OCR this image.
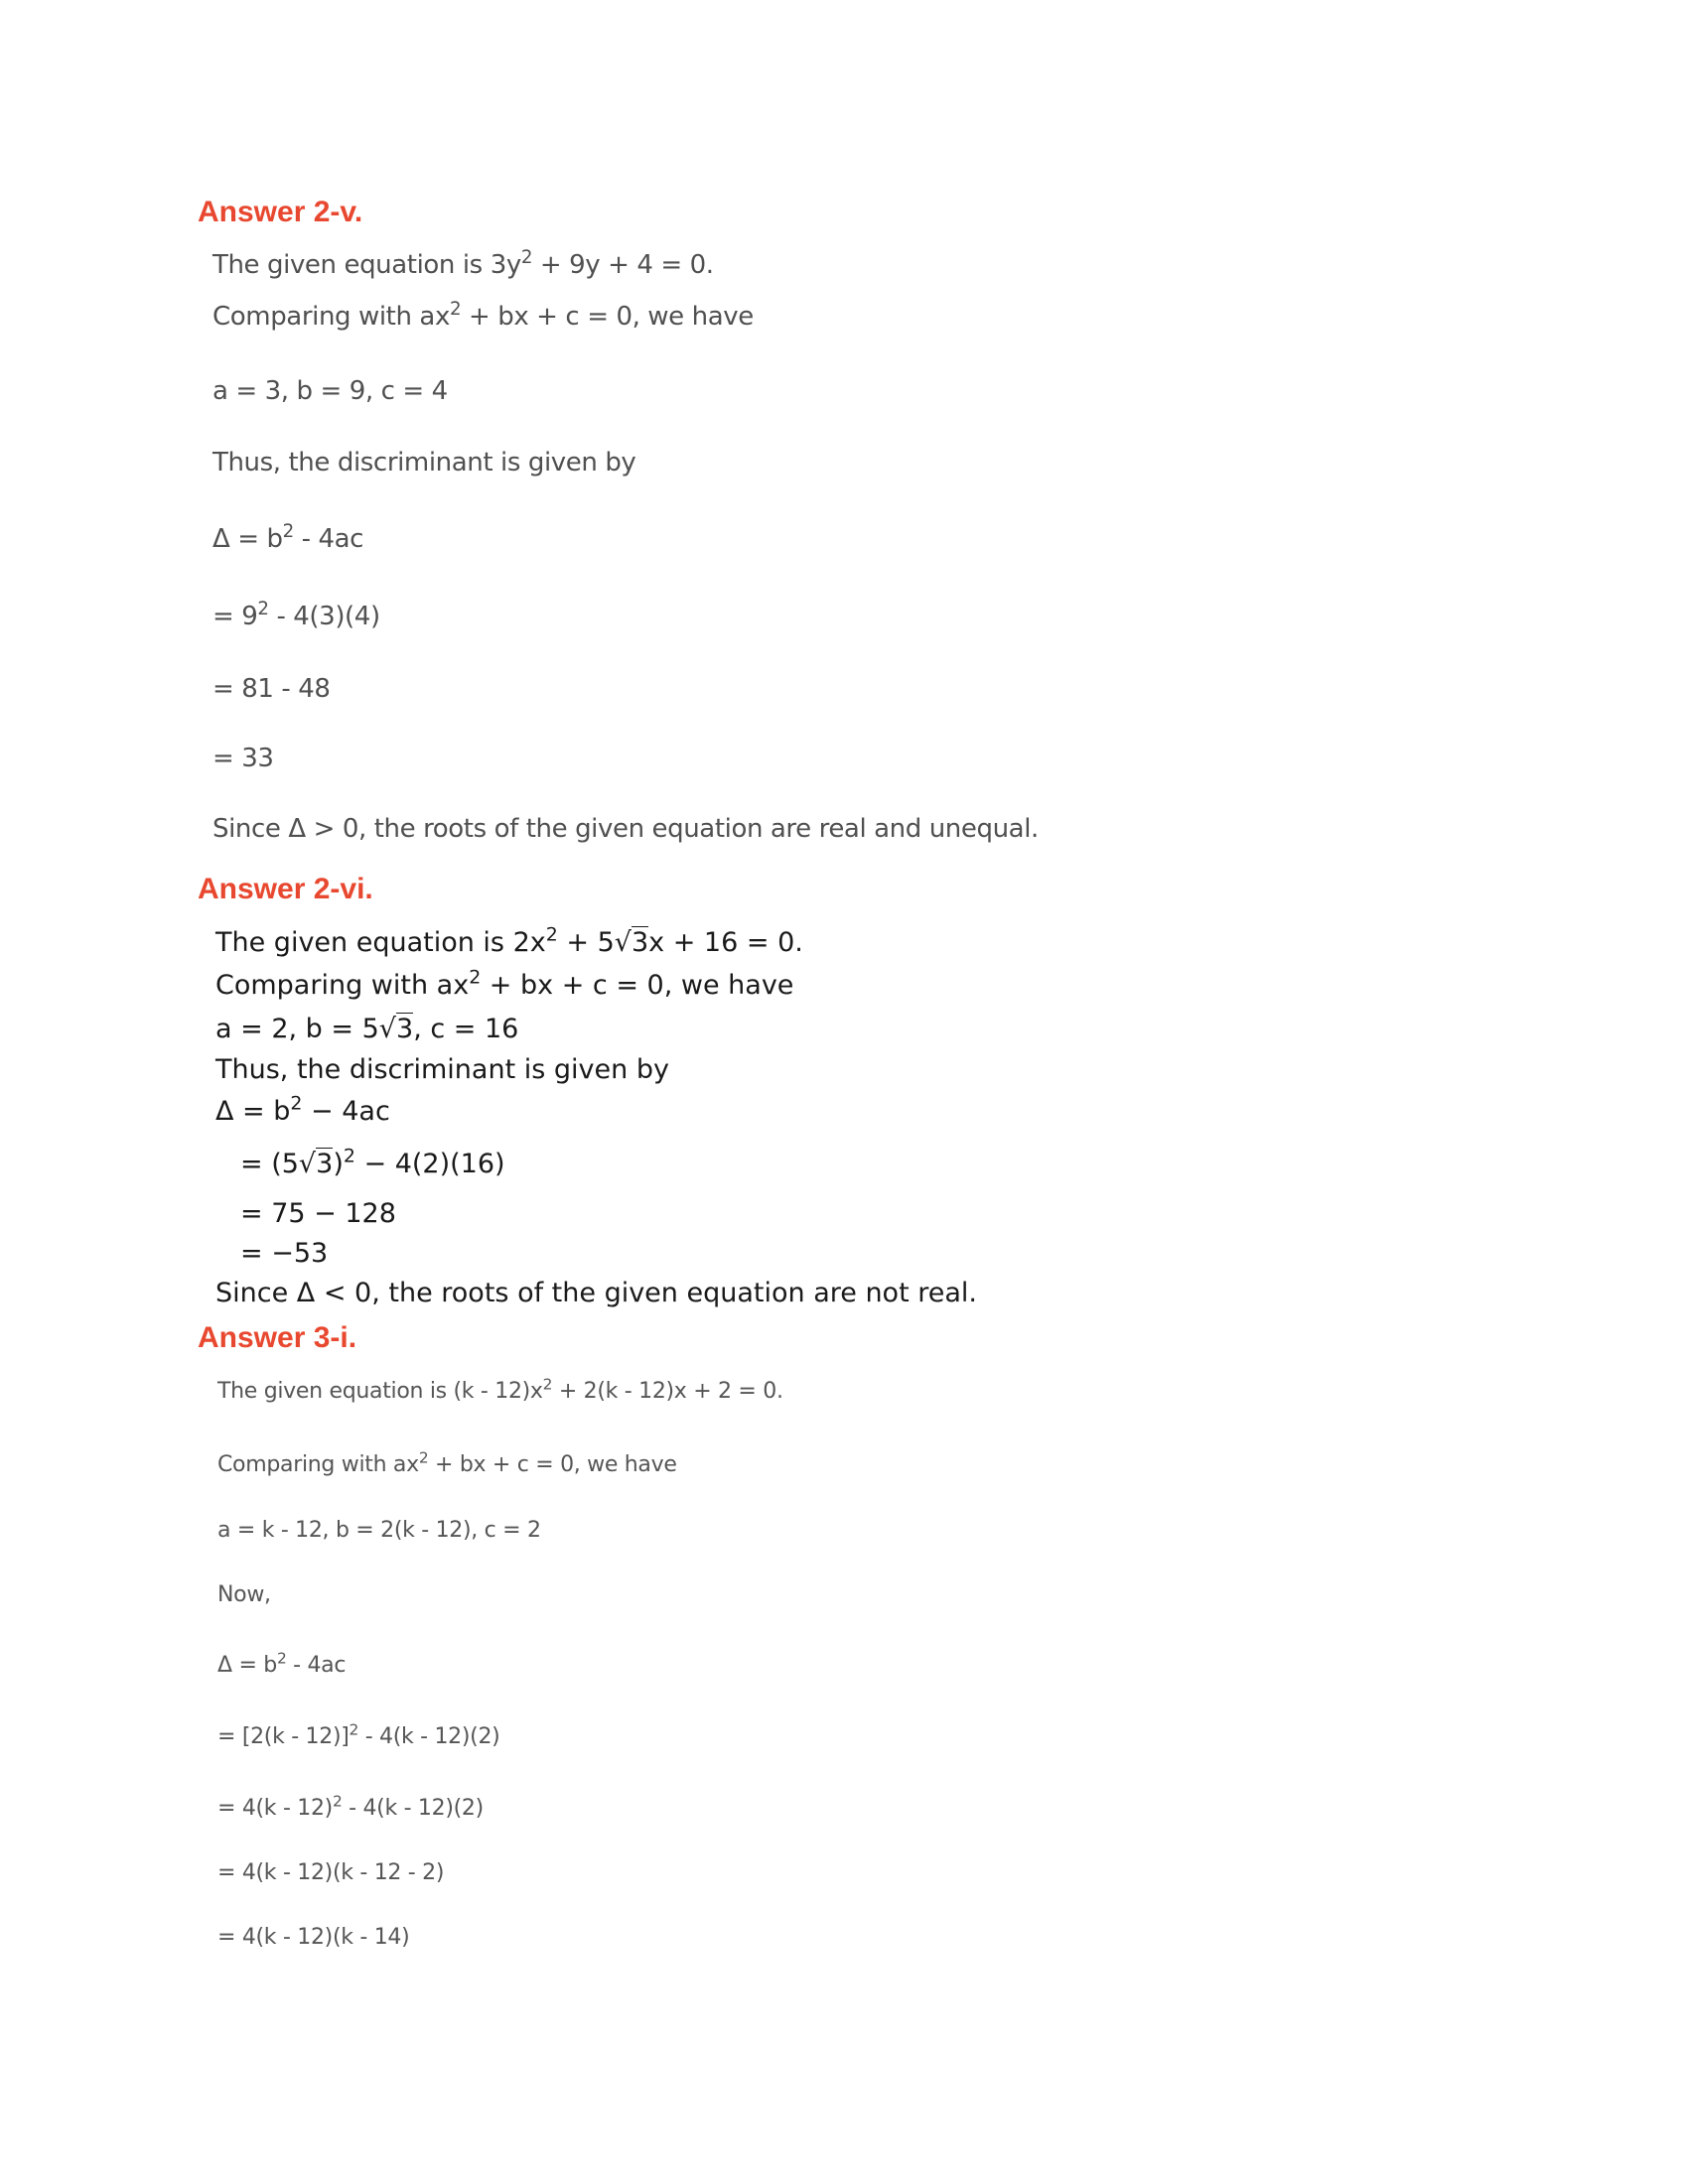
Answer 2-v.
The given equation is $3y^2 + 9y + 4 = 0$.
Comparing with $ax^2$ + bx + c = 0, we have
a = 3, b = 9, c = 4
Thus, the discriminant is given by
$\Delta = b^2 - 4ac$
= $9^2 - 4(3)(4)$
= 81 - 48
= 33
Since Δ > 0, the roots of the given equation are real and unequal.
Answer 2-vi.
The given equation is $2x^2 + 5√3x + 16 = 0$.
Comparing with $ax^2$ + bx + c = 0, we have
a = 2, b = 5√3, c = 16
Thus, the discriminant is given by
$\Delta = b^2 - 4ac$
= $(5√3)^2 - 4(2)(16)$
= 75 − 128
= −53
Since Δ < 0, the roots of the given equation are not real.
Answer 3-i.
The given equation is $(k - 12)x^2 + 2(k - 12)x + 2 = 0$.
Comparing with $ax^2$ + bx + c = 0, we have
a = k - 12, b = 2(k - 12), c = 2
Now,
$\Delta = b^2 - 4ac$
= [2(k - 12)]$^2$ - 4(k - 12)(2)
= 4(k - 12)$^2$ - 4(k - 12)(2)
= 4(k - 12)(k - 12 - 2)
= 4(k - 12)(k - 14)
